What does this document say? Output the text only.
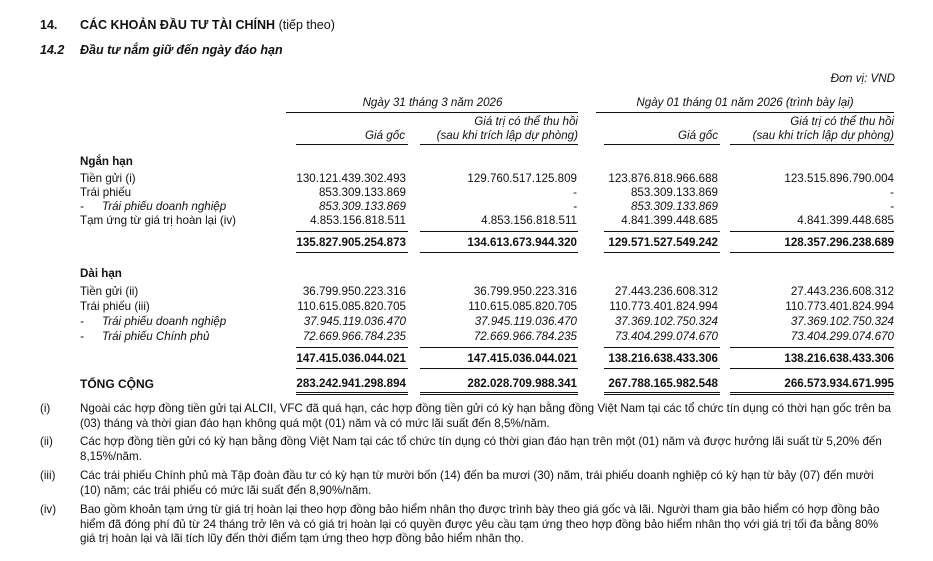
14. CÁC KHOẢN ĐẦU TƯ TÀI CHÍNH (tiếp theo)
14.2 Đầu tư nắm giữ đến ngày đáo hạn
Đơn vị: VND
Ngày 31 tháng 3 năm 2026	Ngày 01 tháng 01 năm 2026 (trình bày lại)
Giá gốc
Giá trị có thể thu hồi
(sau khi trích lập dự phòng)	Giá gốc
Giá trị có thể thu hồi
(sau khi trích lập dự phòng)
Ngắn hạn
Tiền gửi (i)	130.121.439.302.493	129.760.517.125.809	123.876.818.966.688	123.515.896.790.004
Trái phiếu	853.309.133.869	-	853.309.133.869	-
- Trái phiếu doanh nghiệp	853.309.133.869	-	853.309.133.869	-
Tạm ứng từ giá trị hoàn lại (iv)	4.853.156.818.511	4.853.156.818.511	4.841.399.448.685	4.841.399.448.685
135.827.905.254.873	134.613.673.944.320	129.571.527.549.242	128.357.296.238.689
Dài hạn
Tiền gửi (ii)	36.799.950.223.316	36.799.950.223.316	27.443.236.608.312	27.443.236.608.312
Trái phiếu (iii)	110.615.085.820.705	110.615.085.820.705	110.773.401.824.994	110.773.401.824.994
- Trái phiếu doanh nghiệp	37.945.119.036.470	37.945.119.036.470	37.369.102.750.324	37.369.102.750.324
- Trái phiếu Chính phủ	72.669.966.784.235	72.669.966.784.235	73.404.299.074.670	73.404.299.074.670
147.415.036.044.021	147.415.036.044.021	138.216.638.433.306	138.216.638.433.306
TỔNG CỘNG	283.242.941.298.894	282.028.709.988.341	267.788.165.982.548	266.573.934.671.995
(i)	Ngoài các hợp đồng tiền gửi tại ALCII, VFC đã quá hạn, các hợp đồng tiền gửi có kỳ hạn bằng đồng Việt Nam tại các tổ chức tín dụng có thời hạn gốc trên ba (03) tháng và thời gian đáo hạn không quá một (01) năm và có mức lãi suất đến 8,5%/năm.
(ii) Các hợp đồng tiền gửi có kỳ hạn bằng đồng Việt Nam tại các tổ chức tín dụng có thời gian đáo hạn trên một (01) năm và được hưởng lãi suất từ 5,20% đến 8,15%/năm.
(iii) Các trái phiếu Chính phủ mà Tập đoàn đầu tư có kỳ hạn từ mười bốn (14) đến ba mươi (30) năm, trái phiếu doanh nghiệp có kỳ hạn từ bảy (07) đến mười (10) năm; các trái phiếu có mức lãi suất đến 8,90%/năm.
(iv) Bao gồm khoản tạm ứng từ giá trị hoàn lại theo hợp đồng bảo hiểm nhân thọ được trình bày theo giá gốc và lãi. Người tham gia bảo hiểm có hợp đồng bảo hiểm đã đóng phí đủ từ 24 tháng trở lên và có giá trị hoàn lại có quyền được yêu cầu tạm ứng theo hợp đồng bảo hiểm nhân thọ với giá trị tối đa bằng 80% giá trị hoàn lại và lãi tích lũy đến thời điểm tạm ứng theo hợp đồng bảo hiểm nhân thọ.
